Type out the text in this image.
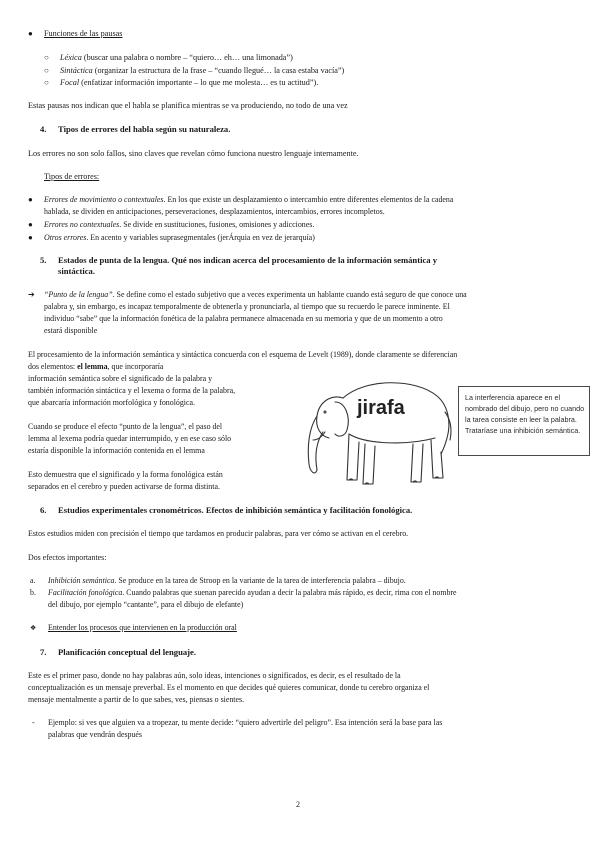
● Funciones de las pausas
○ Léxica (buscar una palabra o nombre – “quiero… eh… una limonada”)
○ Sintáctica (organizar la estructura de la frase – “cuando llegué… la casa estaba vacía”)
○ Focal (enfatizar información importante – lo que me molesta… es tu actitud”).
Estas pausas nos indican que el habla se planifica mientras se va produciendo, no todo de una vez
4. Tipos de errores del habla según su naturaleza.
Los errores no son solo fallos, sino claves que revelan cómo funciona nuestro lenguaje internamente.
Tipos de errores:
● Errores de movimiento o contextuales. En los que existe un desplazamiento o intercambio entre diferentes elementos de la cadena
hablada, se dividen en anticipaciones, perseveraciones, desplazamientos, intercambios, errores incompletos.
● Errores no contextuales. Se divide en sustituciones, fusiones, omisiones y adicciones.
● Otros errores. En acento y variables suprasegmentales (jerÁrquia en vez de jerarquía)
5. Estados de punta de la lengua. Qué nos indican acerca del procesamiento de la información semántica y
sintáctica.
➔ “Punto de la lengua”. Se define como el estado subjetivo que a veces experimenta un hablante cuando está seguro de que conoce una
palabra y, sin embargo, es incapaz temporalmente de obtenerla y pronunciarla, al tiempo que su recuerdo le parece inminente. El
individuo “sabe” que la información fonética de la palabra permanece almacenada en su memoria y que de un momento a otro
estará disponible
El procesamiento de la información semántica y sintáctica concuerda con el esquema de Levelt (1989), donde claramente se diferencian
dos elementos: el lemma, que incorporaría
información semántica sobre el significado de la palabra y
también información sintáctica y el lexema o forma de la palabra,
que abarcaría información morfológica y fonológica.
Cuando se produce el efecto “punto de la lengua”, el paso del
lemma al lexema podría quedar interrumpido, y en ese caso sólo
estaría disponible la información contenida en el lemma
Esto demuestra que el significado y la forma fonológica están
separados en el cerebro y pueden activarse de forma distinta.
jirafa	La interferencia aparece en el nombrado del dibujo, pero no cuando la tarea consiste en leer la palabra. Trataríase una inhibición semántica.
6. Estudios experimentales cronométricos. Efectos de inhibición semántica y facilitación fonológica.
Estos estudios miden con precisión el tiempo que tardamos en producir palabras, para ver cómo se activan en el cerebro.
Dos efectos importantes:
a. Inhibición semántica. Se produce en la tarea de Stroop en la variante de la tarea de interferencia palabra – dibujo.
b. Facilitación fonológica. Cuando palabras que suenan parecido ayudan a decir la palabra más rápido, es decir, rima con el nombre
del dibujo, por ejemplo “cantante”, para el dibujo de elefante)
❖ Entender los procesos que intervienen en la producción oral
7. Planificación conceptual del lenguaje.
Este es el primer paso, donde no hay palabras aún, solo ideas, intenciones o significados, es decir, es el resultado de la
conceptualización es un mensaje preverbal. Es el momento en que decides qué quieres comunicar, donde tu cerebro organiza el
mensaje mentalmente a partir de lo que sabes, ves, piensas o sientes.
- Ejemplo: si ves que alguien va a tropezar, tu mente decide: “quiero advertirle del peligro”. Esa intención será la base para las
palabras que vendrán después
2
